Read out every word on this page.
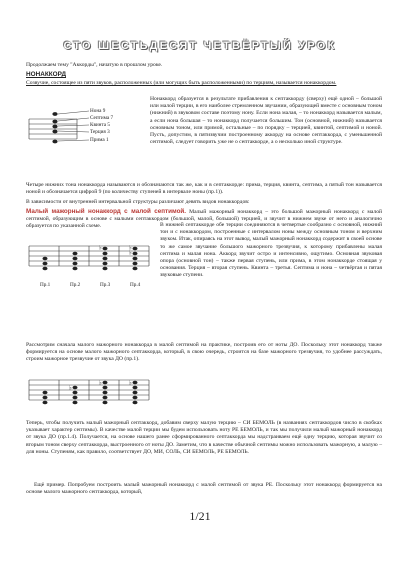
СТО ШЕСТЬДЕСЯТ ЧЕТВЁРТЫЙ УРОК

Продолжаем тему "Аккорды", начатую в прошлом уроке.

НОНАККОРД

Созвучие, состоящее из пяти звуков, расположенных (или могущих быть расположенными) по терциям, называется нонаккордом.

Нона 9
Септима 7
Квинта 5
Терция 3
Прима 1

Нонаккорд образуется в результате прибавления к септаккорду (сверху) ещё одной – большой или малой терции, в его наиболее стремленном звучании, образующей вместе с основным тоном (нижний) в звуковом составе поэтому нону. Если нона малая, – то нонаккорд называется малым, а если нона большая – то нонаккорд получается большим. Тон (основной, нижний) называется основным тоном, или примой, остальные – по порядку – терцией, квинтой, септимой и ноной. Пусть, допустим, в пятизвучии построенному аккорду на основе септаккорда, с уменьшенной септимой, следует говорить уже не о септаккорде, а о несколько иной структуре.

Четыре нижних тона нонаккорда называются и обозначаются так же, как и в септаккорде: прима, терция, квинта, септима, а пятый тон называется ноной и обозначается цифрой 9 (по количеству ступеней в интервале ноны (пр.1)).

В зависимости от внутренней интервальной структуры различают девять видов нонаккордов:

Малый мажорный нонаккорд с малой септимой. Малый мажорный нонаккорд – это большой мажорный нонаккорд с малой септимой, образующим в основе с малыми септаккордом (большой, малой, большой) терцией, и звучит в нижнем звуке от него и аналогично образуется по указанной схеме.

♭	♭
♭
Пр.1	Пр.2	Пр.3	Пр.4

В нижней септаккорде обе терции соединяются в четвертые сообразно с основной, нижний тон и с нонаккордом, построенные с интервалом ноны между основным тоном и верхним звуком. Итак, опираясь на этот вывод, малый мажорный нонаккорд содержит в своей основе то же самое звучание большого мажорного трезвучия, к которому прибавлены малая септима и малая нона. Аккорд звучит остро и интенсивно, ощутимо. Основная звуковая опора (основной тон) – также первая ступень, или прима, в этом нонаккорде стоящая у основания. Терция – вторая ступень. Квинта – третья. Септима и нона – четвёртая и пятая звуковые ступени.

Рассмотрим сначала малого мажорного нонаккорда в малой септимой на практике, построив его от ноты ДО. Поскольку этот нонаккорд также формируется на основе малого мажорного септаккорда, который, в свою очередь, строится на базе мажорного трезвучия, то удобнее рассуждать, строим мажорное трезвучие от звука ДО (пр.1).

♭
♭	♭

Теперь, чтобы получить малый мажорный септаккорд, добавим сверху малую терцию – СИ БЕМОЛЬ (в названиях септаккордов число в скобках указывает характер септимы). В качестве малой терции мы будем использовать ноту РЕ БЕМОЛЬ, и так мы получили малый мажорный нонаккорд от звука ДО (пр.1.4). Получается, на основе нашего ранее сформированного септаккорда мы надстраиваем ещё одну терцию, которая звучит со вторым тоном сверху септаккорда, выстроенного от ноты ДО. Заметим, что в качестве обычной септимы можно использовать мажорную, а малую – для ноны. Ступеням, как правило, соответствует ДО, МИ, СОЛЬ, СИ БЕМОЛЬ, РЕ БЕМОЛЬ.

Ещё пример. Попробуем построить малый мажорный нонаккорд с малой септимой от звука РЕ. Поскольку этот нонаккорд формируется на основе малого мажорного септаккорда, который,

1/21
